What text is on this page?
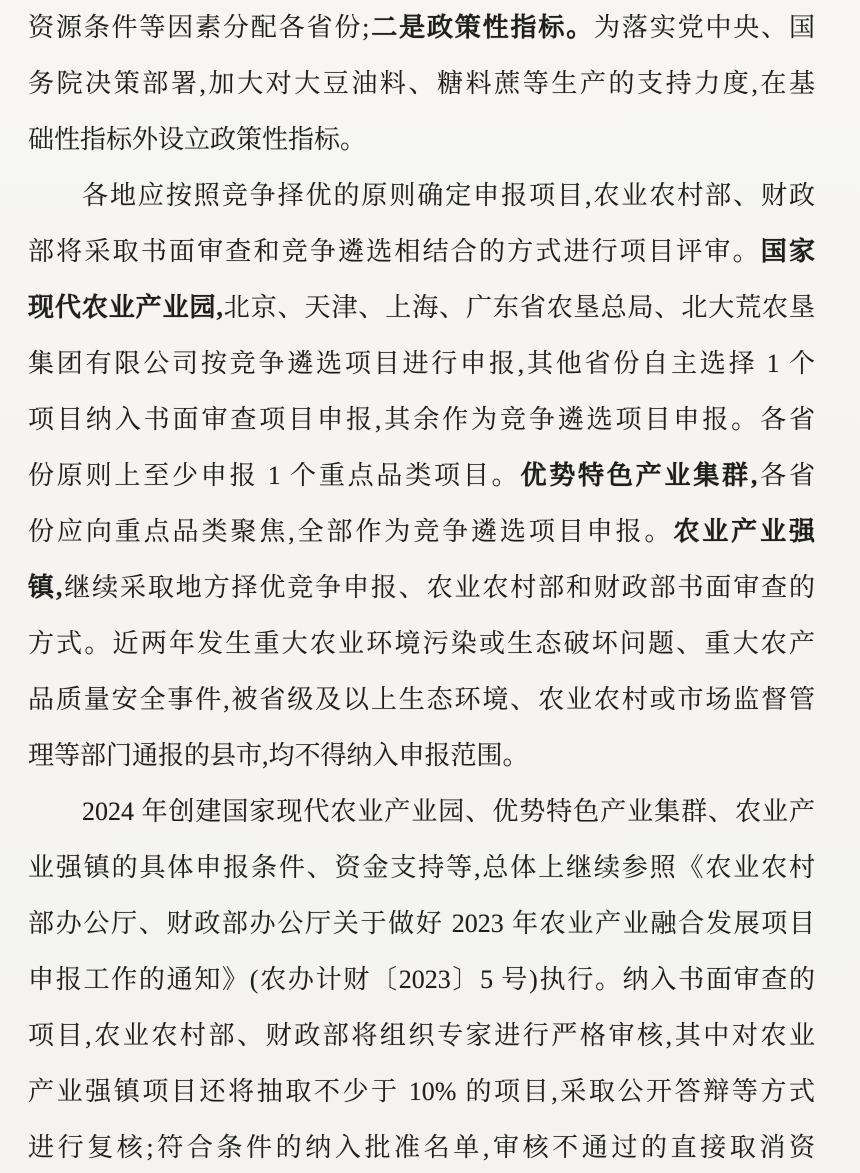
资源条件等因素分配各省份;二是政策性指标。为落实党中央、国
务院决策部署,加大对大豆油料、糖料蔗等生产的支持力度,在基
础性指标外设立政策性指标。
各地应按照竞争择优的原则确定申报项目,农业农村部、财政
部将采取书面审查和竞争遴选相结合的方式进行项目评审。国家
现代农业产业园,北京、天津、上海、广东省农垦总局、北大荒农垦
集团有限公司按竞争遴选项目进行申报,其他省份自主选择 1 个
项目纳入书面审查项目申报,其余作为竞争遴选项目申报。各省
份原则上至少申报 1 个重点品类项目。优势特色产业集群,各省
份应向重点品类聚焦,全部作为竞争遴选项目申报。农业产业强
镇,继续采取地方择优竞争申报、农业农村部和财政部书面审查的
方式。近两年发生重大农业环境污染或生态破坏问题、重大农产
品质量安全事件,被省级及以上生态环境、农业农村或市场监督管
理等部门通报的县市,均不得纳入申报范围。
2024 年创建国家现代农业产业园、优势特色产业集群、农业产
业强镇的具体申报条件、资金支持等,总体上继续参照《农业农村
部办公厅、财政部办公厅关于做好 2023 年农业产业融合发展项目
申报工作的通知》(农办计财〔2023〕5 号)执行。纳入书面审查的
项目,农业农村部、财政部将组织专家进行严格审核,其中对农业
产业强镇项目还将抽取不少于 10% 的项目,采取公开答辩等方式
进行复核;符合条件的纳入批准名单,审核不通过的直接取消资
